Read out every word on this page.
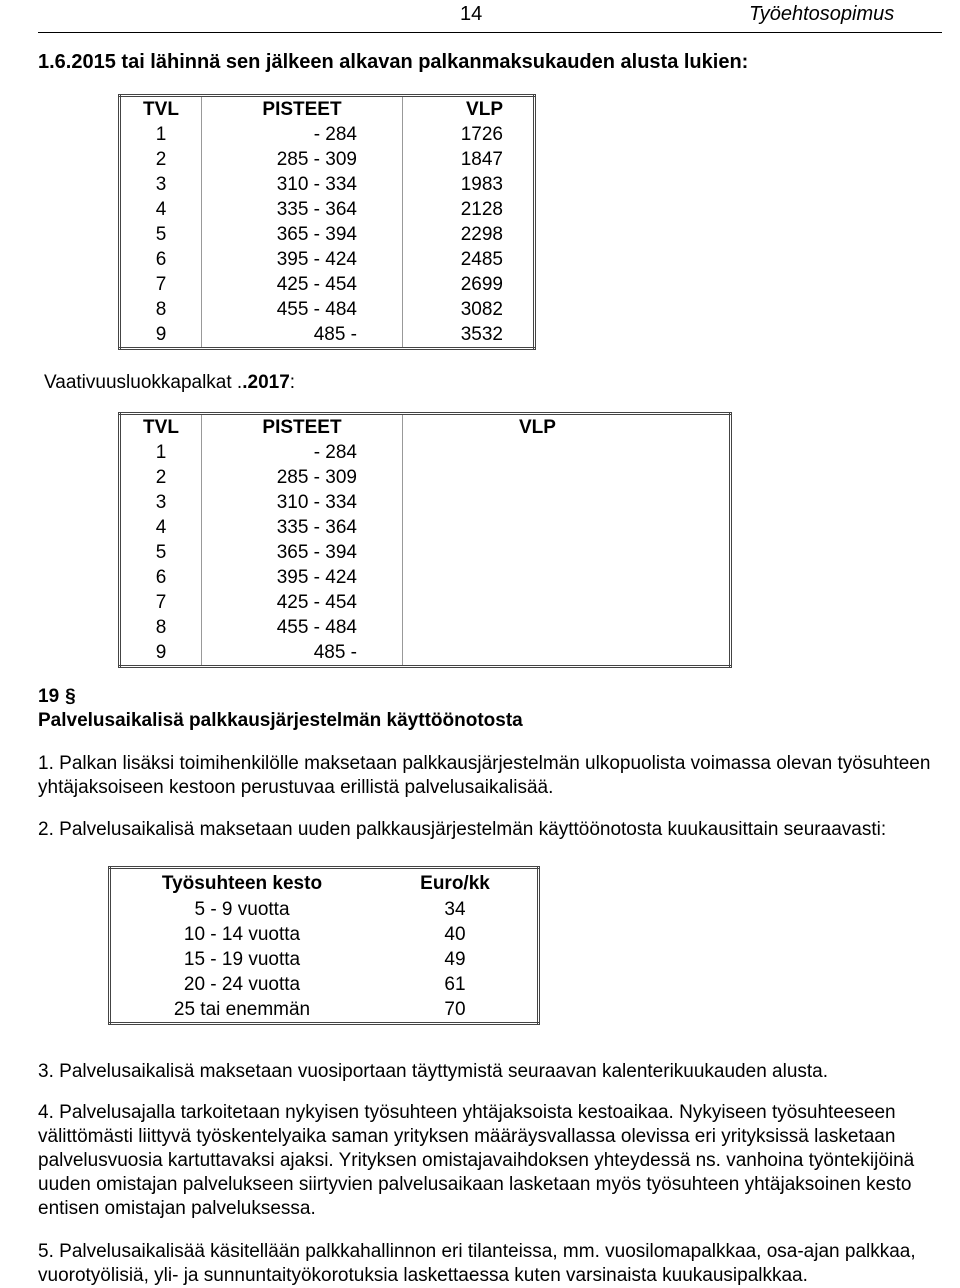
14	Työehtosopimus
1.6.2015 tai lähinnä sen jälkeen alkavan palkanmaksukauden alusta lukien:
TVL	PISTEET	VLP
1	- 284	1726
2	285 - 309	1847
3	310 - 334	1983
4	335 - 364	2128
5	365 - 394	2298
6	395 - 424	2485
7	425 - 454	2699
8	455 - 484	3082
9	485 -	3532
Vaativuusluokkapalkat ..2017:
TVL	PISTEET	VLP
1	- 284	
2	285 - 309	
3	310 - 334	
4	335 - 364	
5	365 - 394	
6	395 - 424	
7	425 - 454	
8	455 - 484	
9	485 -	
19 §
Palvelusaikalisä palkkausjärjestelmän käyttöönotosta
1. Palkan lisäksi toimihenkilölle maksetaan palkkausjärjestelmän ulkopuolista voimassa olevan työsuhteen yhtäjaksoiseen kestoon perustuvaa erillistä palvelusaikalisää.
2. Palvelusaikalisä maksetaan uuden palkkausjärjestelmän käyttöönotosta kuukausittain seuraavasti:
Työsuhteen kesto	Euro/kk
5 - 9 vuotta	34
10 - 14 vuotta	40
15 - 19 vuotta	49
20 - 24 vuotta	61
25 tai enemmän	70
3. Palvelusaikalisä maksetaan vuosiportaan täyttymistä seuraavan kalenterikuukauden alusta.
4. Palvelusajalla tarkoitetaan nykyisen työsuhteen yhtäjaksoista kestoaikaa. Nykyiseen työsuhteeseen välittömästi liittyvä työskentelyaika saman yrityksen määräysvallassa olevissa eri yrityksissä lasketaan palvelusvuosia kartuttavaksi ajaksi. Yrityksen omistajavaihdoksen yhteydessä ns. vanhoina työntekijöinä uuden omistajan palvelukseen siirtyvien palvelusaikaan lasketaan myös työsuhteen yhtäjaksoinen kesto entisen omistajan palveluksessa.
5. Palvelusaikalisää käsitellään palkkahallinnon eri tilanteissa, mm. vuosilomapalkkaa, osa-ajan palkkaa, vuorotyölisiä, yli- ja sunnuntaityökorotuksia laskettaessa kuten varsinaista kuukausipalkkaa.
